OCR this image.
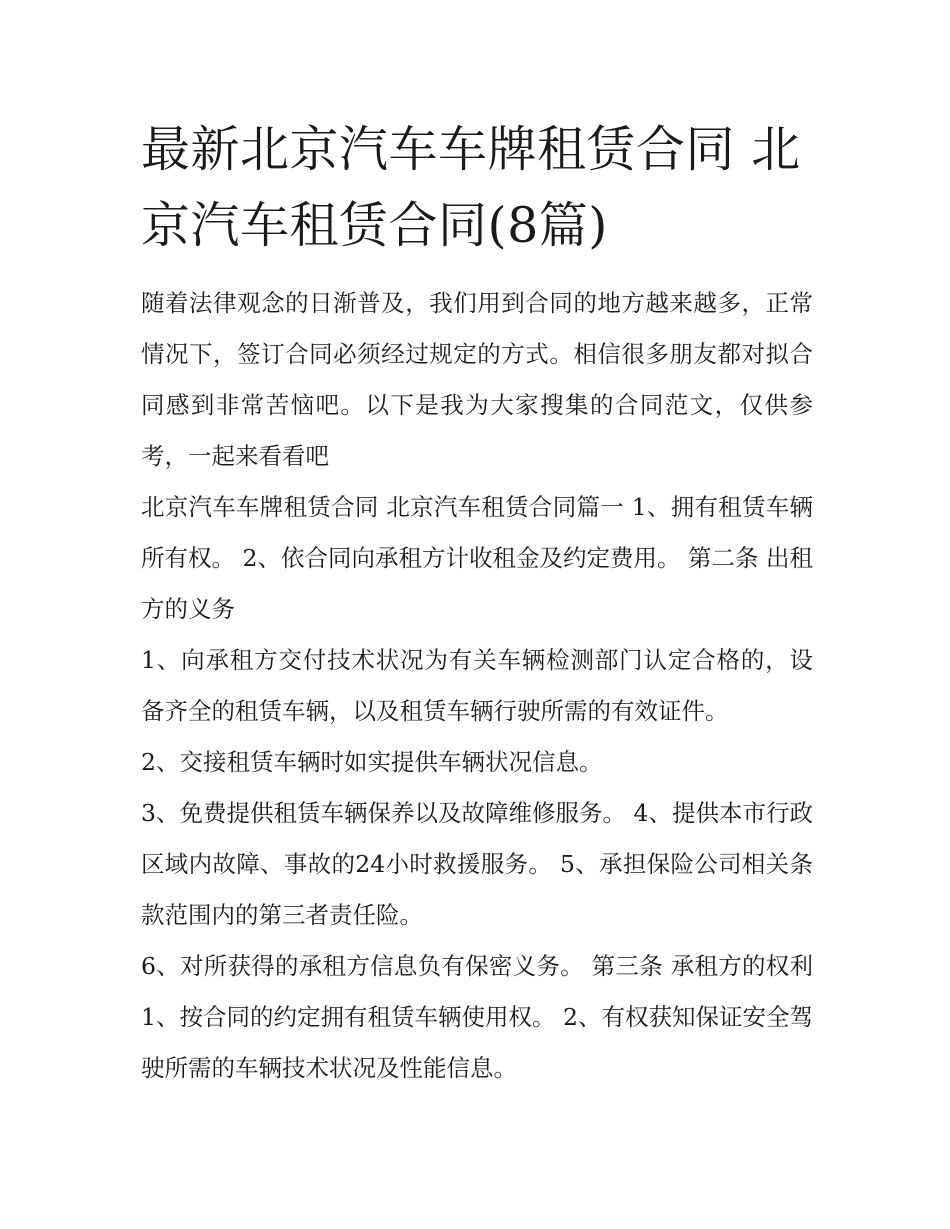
最新北京汽车车牌租赁合同 北京汽车租赁合同(8篇)

随着法律观念的日渐普及，我们用到合同的地方越来越多，正常情况下，签订合同必须经过规定的方式。相信很多朋友都对拟合同感到非常苦恼吧。以下是我为大家搜集的合同范文，仅供参考，一起来看看吧

北京汽车车牌租赁合同 北京汽车租赁合同篇一 1、拥有租赁车辆所有权。 2、依合同向承租方计收租金及约定费用。 第二条 出租方的义务

1、向承租方交付技术状况为有关车辆检测部门认定合格的，设备齐全的租赁车辆，以及租赁车辆行驶所需的有效证件。

2、交接租赁车辆时如实提供车辆状况信息。

3、免费提供租赁车辆保养以及故障维修服务。 4、提供本市行政区域内故障、事故的24小时救援服务。 5、承担保险公司相关条款范围内的第三者责任险。

6、对所获得的承租方信息负有保密义务。 第三条 承租方的权利 1、按合同的约定拥有租赁车辆使用权。 2、有权获知保证安全驾驶所需的车辆技术状况及性能信息。
